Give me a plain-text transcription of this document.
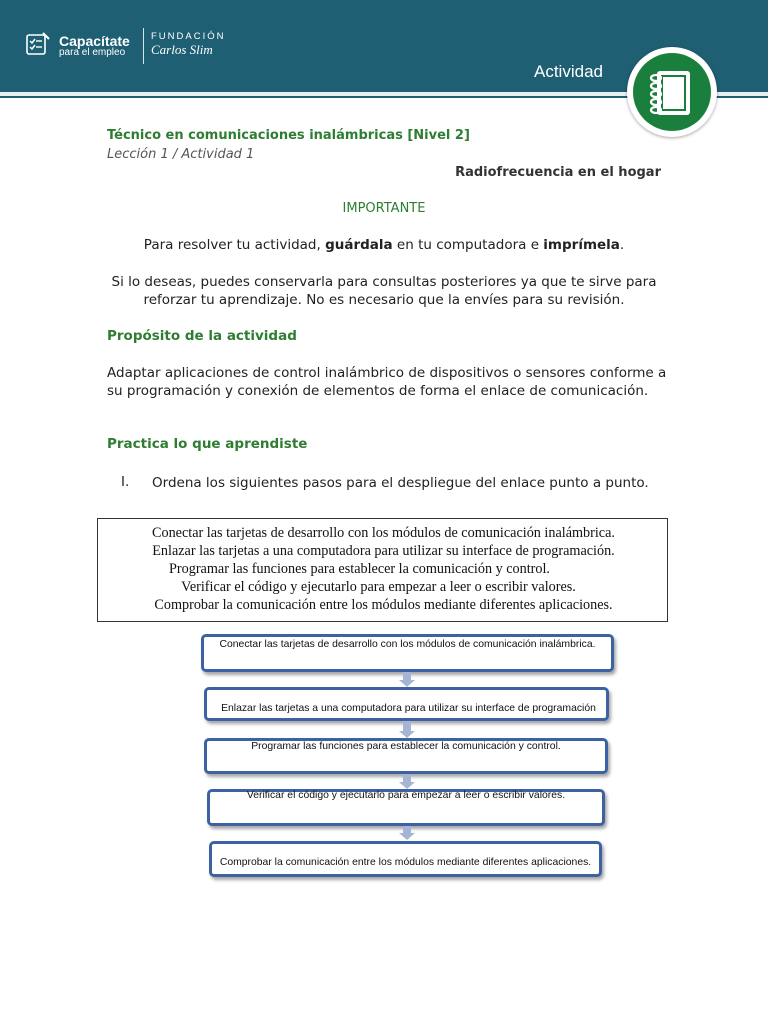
Capacítate
para el empleo
FUNDACIÓN
Carlos Slim
Actividad
Técnico en comunicaciones inalámbricas [Nivel 2]
Lección 1 / Actividad 1
Radiofrecuencia en el hogar
IMPORTANTE
Para resolver tu actividad, guárdala en tu computadora e imprímela.
Si lo deseas, puedes conservarla para consultas posteriores ya que te sirve para reforzar tu aprendizaje. No es necesario que la envíes para su revisión.
Propósito de la actividad
Adaptar aplicaciones de control inalámbrico de dispositivos o sensores conforme a su programación y conexión de elementos de forma el enlace de comunicación.
Practica lo que aprendiste
I. Ordena los siguientes pasos para el despliegue del enlace punto a punto.
Conectar las tarjetas de desarrollo con los módulos de comunicación inalámbrica.
Enlazar las tarjetas a una computadora para utilizar su interface de programación.
Programar las funciones para establecer la comunicación y control.
Verificar el código y ejecutarlo para empezar a leer o escribir valores.
Comprobar la comunicación entre los módulos mediante diferentes aplicaciones.
Conectar las tarjetas de desarrollo con los módulos de comunicación inalámbrica.
Enlazar las tarjetas a una computadora para utilizar su interface de programación
Programar las funciones para establecer la comunicación y control.
Verificar el código y ejecutarlo para empezar a leer o escribir valores.
Comprobar la comunicación entre los módulos mediante diferentes aplicaciones.
